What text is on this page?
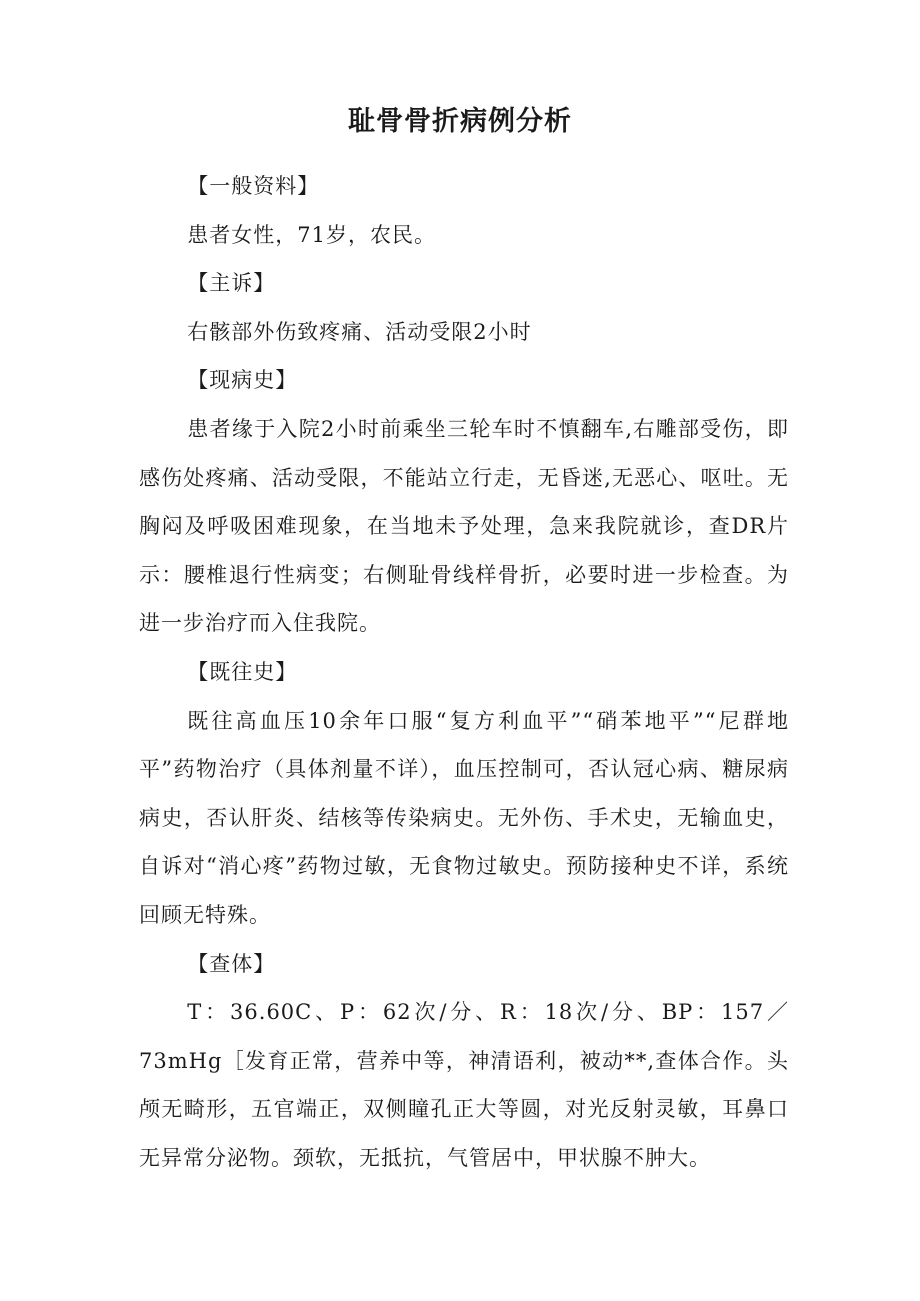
耻骨骨折病例分析

【一般资料】

患者女性，71岁，农民。

【主诉】

右骸部外伤致疼痛、活动受限2小时

【现病史】

患者缘于入院2小时前乘坐三轮车时不慎翻车,右雕部受伤，即感伤处疼痛、活动受限，不能站立行走，无昏迷,无恶心、呕吐。无胸闷及呼吸困难现象，在当地未予处理，急来我院就诊，查DR片示：腰椎退行性病变；右侧耻骨线样骨折，必要时进一步检查。为进一步治疗而入住我院。

【既往史】

既往高血压10余年口服“复方利血平”“硝苯地平”“尼群地平”药物治疗（具体剂量不详），血压控制可，否认冠心病、糖尿病病史，否认肝炎、结核等传染病史。无外伤、手术史，无输血史，自诉对“消心疼”药物过敏，无食物过敏史。预防接种史不详，系统回顾无特殊。

【查体】

T：36.60C、P：62次/分、R：18次/分、BP：157／73mHg［发育正常，营养中等，神清语利，被动**,查体合作。头颅无畸形，五官端正，双侧瞳孔正大等圆，对光反射灵敏，耳鼻口无异常分泌物。颈软，无抵抗，气管居中，甲状腺不肿大。
